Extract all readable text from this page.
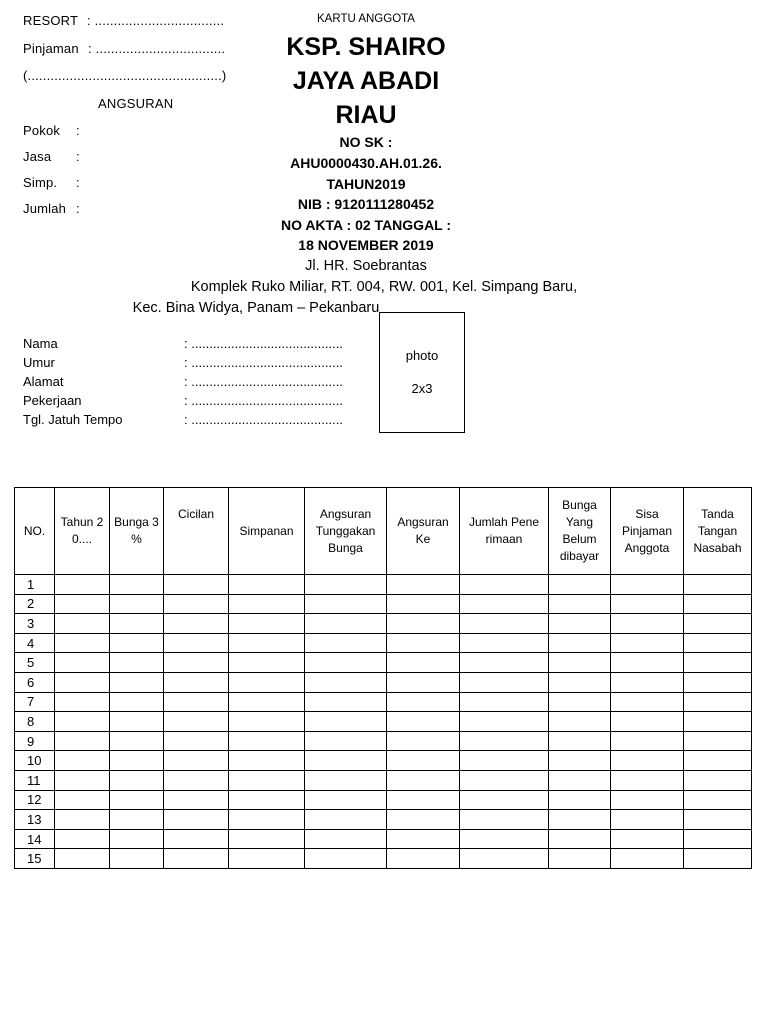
RESORT : ..................................
Pinjaman : ..................................
(...................................................)
ANGSURAN
Pokok :
Jasa :
Simp. :
Jumlah :
KARTU ANGGOTA
KSP. SHAIRO
JAYA ABADI
RIAU
NO SK :
AHU0000430.AH.01.26.
TAHUN2019
NIB : 9120111280452
NO AKTA : 02 TANGGAL :
18 NOVEMBER 2019
Jl. HR. Soebrantas
Komplek Ruko Miliar, RT. 004, RW. 001, Kel. Simpang Baru,
Kec. Bina Widya, Panam – Pekanbaru
Nama	: ..........................................
Umur	: ..........................................
Alamat	: ..........................................
Pekerjaan	: ..........................................
Tgl. Jatuh Tempo	: ..........................................
photo
2x3
NO.	Tahun 20....	Bunga 3 %	Cicilan	Simpanan	Angsuran Tunggakan Bunga	Angsuran Ke	Jumlah Penerimaan	Bunga Yang Belum dibayar	Sisa Pinjaman Anggota	Tanda Tangan Nasabah
1										
2										
3										
4										
5										
6										
7										
8										
9										
10										
11										
12										
13										
14										
15										
